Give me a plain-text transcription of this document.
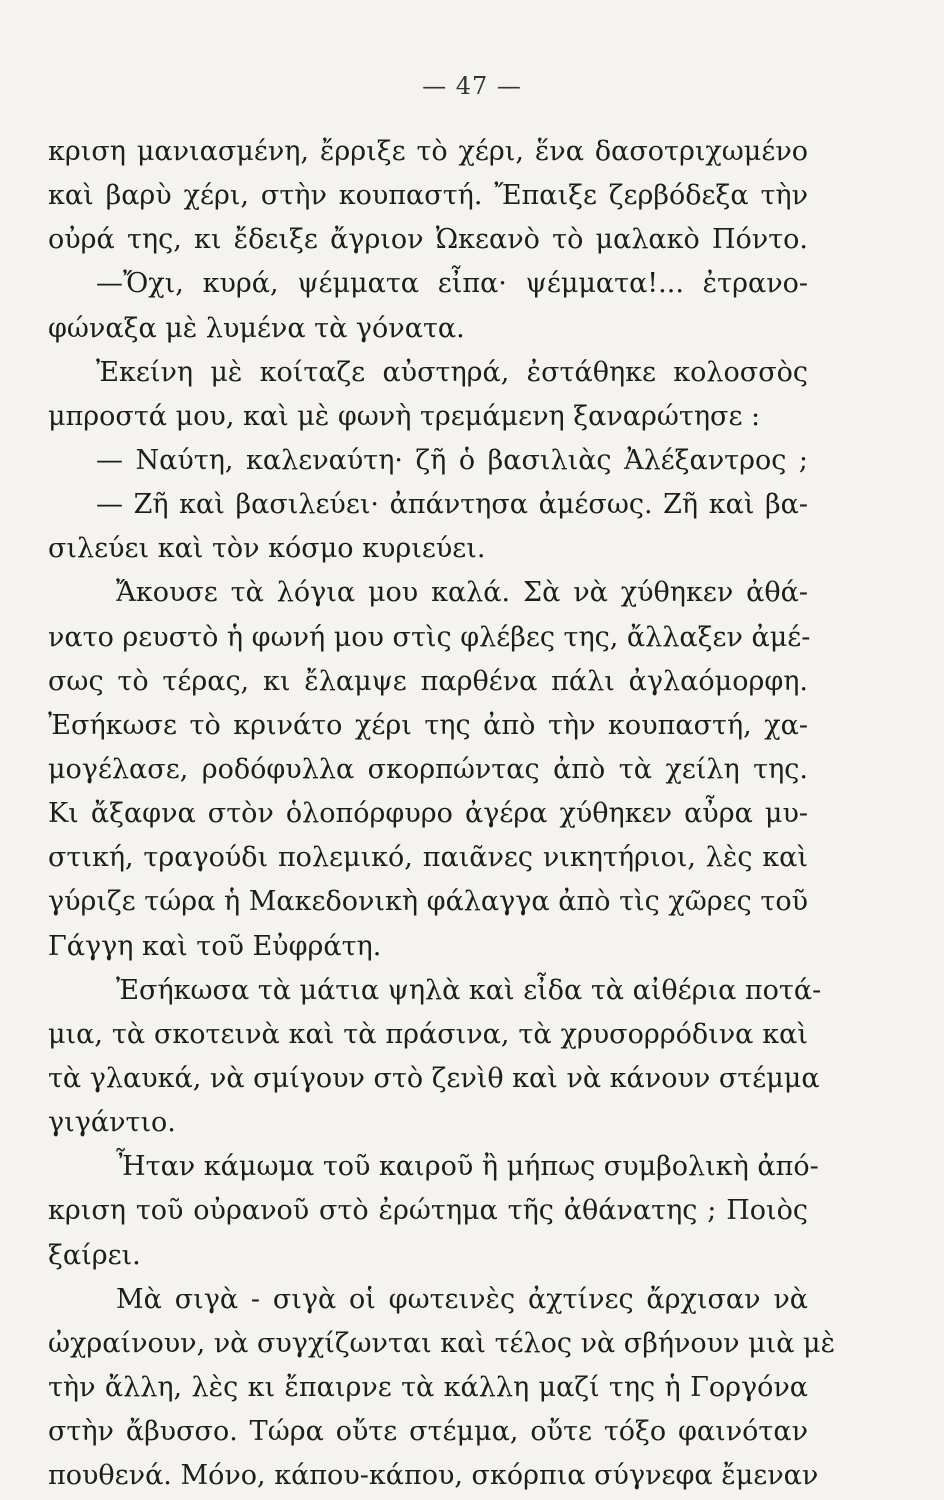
— 47 —
κριση μανιασμένη, ἔρριξε τὸ χέρι, ἕνα δασοτριχωμένο
καὶ βαρὺ χέρι, στὴν κουπαστή. Ἔπαιξε ζερβόδεξα τὴν
οὐρά της, κι ἔδειξε ἄγριον Ὠκεανὸ τὸ μαλακὸ Πόντο.
—Ὄχι, κυρά, ψέμματα εἶπα· ψέμματα!... ἐτρανο-
φώναξα μὲ λυμένα τὰ γόνατα.
Ἐκείνη μὲ κοίταζε αὐστηρά, ἐστάθηκε κολοσσὸς
μπροστά μου, καὶ μὲ φωνὴ τρεμάμενη ξαναρώτησε :
— Ναύτη, καλεναύτη· ζῆ ὁ βασιλιὰς Ἀλέξαντρος ;
— Ζῆ καὶ βασιλεύει· ἀπάντησα ἀμέσως. Ζῆ καὶ βα-
σιλεύει καὶ τὸν κόσμο κυριεύει.
Ἄκουσε τὰ λόγια μου καλά. Σὰ νὰ χύθηκεν ἀθά-
νατο ρευστὸ ἡ φωνή μου στὶς φλέβες της, ἄλλαξεν ἀμέ-
σως τὸ τέρας, κι ἔλαμψε παρθένα πάλι ἀγλαόμορφη.
Ἐσήκωσε τὸ κρινάτο χέρι της ἀπὸ τὴν κουπαστή, χα-
μογέλασε, ροδόφυλλα σκορπώντας ἀπὸ τὰ χείλη της.
Κι ἄξαφνα στὸν ὁλοπόρφυρο ἀγέρα χύθηκεν αὖρα μυ-
στική, τραγούδι πολεμικό, παιᾶνες νικητήριοι, λὲς καὶ
γύριζε τώρα ἡ Μακεδονικὴ φάλαγγα ἀπὸ τὶς χῶρες τοῦ
Γάγγη καὶ τοῦ Εὐφράτη.
Ἐσήκωσα τὰ μάτια ψηλὰ καὶ εἶδα τὰ αἰθέρια ποτά-
μια, τὰ σκοτεινὰ καὶ τὰ πράσινα, τὰ χρυσορρόδινα καὶ
τὰ γλαυκά, νὰ σμίγουν στὸ ζενὶθ καὶ νὰ κάνουν στέμμα
γιγάντιο.
Ἦταν κάμωμα τοῦ καιροῦ ἢ μήπως συμβολικὴ ἀπό-
κριση τοῦ οὐρανοῦ στὸ ἐρώτημα τῆς ἀθάνατης ; Ποιὸς
ξαίρει.
Μὰ σιγὰ - σιγὰ οἱ φωτεινὲς ἀχτίνες ἄρχισαν νὰ
ὠχραίνουν, νὰ συγχίζωνται καὶ τέλος νὰ σβήνουν μιὰ μὲ
τὴν ἄλλη, λὲς κι ἔπαιρνε τὰ κάλλη μαζί της ἡ Γοργόνα
στὴν ἄβυσσο. Τώρα οὔτε στέμμα, οὔτε τόξο φαινόταν
πουθενά. Μόνο, κάπου-κάπου, σκόρπια σύγνεφα ἔμεναν
